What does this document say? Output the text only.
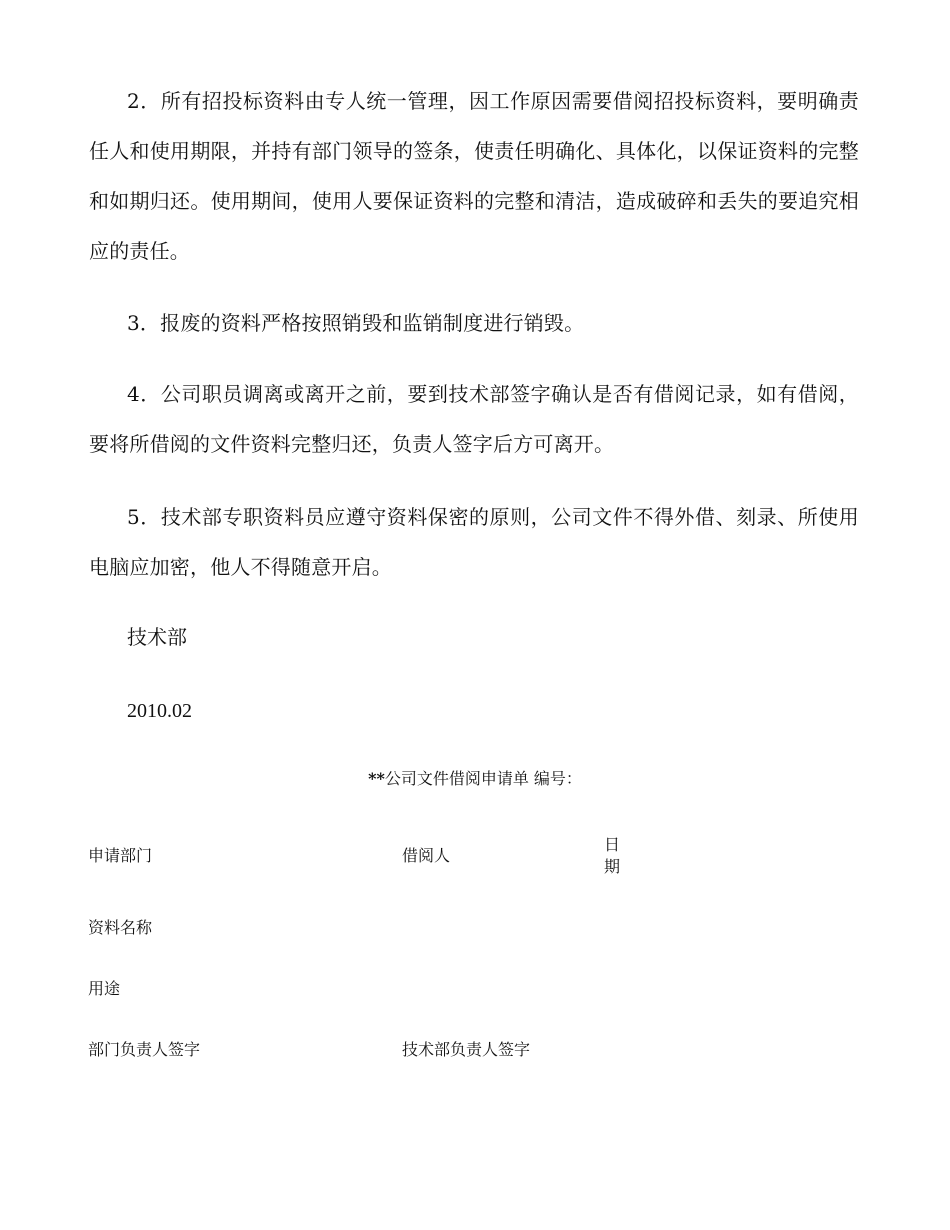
2．所有招投标资料由专人统一管理，因工作原因需要借阅招投标资料，要明确责任人和使用期限，并持有部门领导的签条，使责任明确化、具体化，以保证资料的完整和如期归还。使用期间，使用人要保证资料的完整和清洁，造成破碎和丢失的要追究相应的责任。

3．报废的资料严格按照销毁和监销制度进行销毁。

4．公司职员调离或离开之前，要到技术部签字确认是否有借阅记录，如有借阅，要将所借阅的文件资料完整归还，负责人签字后方可离开。

5．技术部专职资料员应遵守资料保密的原则，公司文件不得外借、刻录、所使用电脑应加密，他人不得随意开启。

技术部

2010.02

**公司文件借阅申请单 编号：

申请部门	借阅人

日期

资料名称

用途

部门负责人签字	技术部负责人签字
